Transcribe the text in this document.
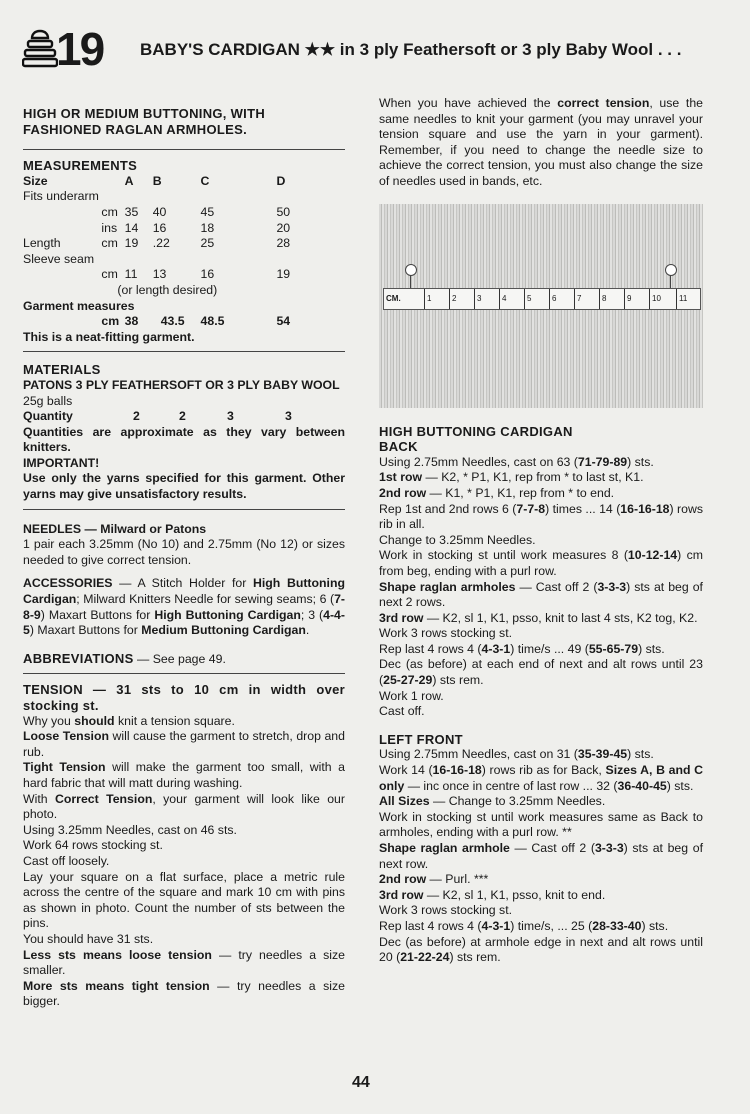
19 BABY'S CARDIGAN ★★ in 3 ply Feathersoft or 3 ply Baby Wool . . .

HIGH OR MEDIUM BUTTONING, WITH FASHIONED RAGLAN ARMHOLES.

MEASUREMENTS

Size		A	B	C	D
Fits underarm					
	cm	35	40	45	50
	ins	14	16	18	20
Length	cm	19	.22	25	28
Sleeve seam					
	cm	11	13	16	19
	(or length desired)				
Garment measures					
	cm	38	43.5	48.5	54

This is a neat-fitting garment.

MATERIALS

PATONS 3 PLY FEATHERSOFT OR 3 PLY BABY WOOL 25g balls

Quantity	2	2	3	3

Quantities are approximate as they vary between knitters.

IMPORTANT!

Use only the yarns specified for this garment. Other yarns may give unsatisfactory results.

NEEDLES — Milward or Patons

1 pair each 3.25mm (No 10) and 2.75mm (No 12) or sizes needed to give correct tension.

ACCESSORIES — A Stitch Holder for High Buttoning Cardigan; Milward Knitters Needle for sewing seams; 6 (7-8-9) Maxart Buttons for High Buttoning Cardigan; 3 (4-4-5) Maxart Buttons for Medium Buttoning Cardigan.

ABBREVIATIONS — See page 49.

TENSION — 31 sts to 10 cm in width over stocking st.

Why you should knit a tension square.

Loose Tension will cause the garment to stretch, drop and rub.

Tight Tension will make the garment too small, with a hard fabric that will matt during washing.

With Correct Tension, your garment will look like our photo.

Using 3.25mm Needles, cast on 46 sts.

Work 64 rows stocking st.

Cast off loosely.

Lay your square on a flat surface, place a metric rule across the centre of the square and mark 10 cm with pins as shown in photo. Count the number of sts between the pins.

You should have 31 sts.

Less sts means loose tension — try needles a size smaller.

More sts means tight tension — try needles a size bigger.

When you have achieved the correct tension, use the same needles to knit your garment (you may unravel your tension square and use the yarn in your garment). Remember, if you need to change the needle size to achieve the correct tension, you must also change the size of needles used in bands, etc.

CM.	1	2	3	4	5	6	7	8	9	10	11

HIGH BUTTONING CARDIGAN

BACK

Using 2.75mm Needles, cast on 63 (71-79-89) sts.

1st row — K2, * P1, K1, rep from * to last st, K1.

2nd row — K1, * P1, K1, rep from * to end.

Rep 1st and 2nd rows 6 (7-7-8) times ... 14 (16-16-18) rows rib in all.

Change to 3.25mm Needles.

Work in stocking st until work measures 8 (10-12-14) cm from beg, ending with a purl row.

Shape raglan armholes — Cast off 2 (3-3-3) sts at beg of next 2 rows.

3rd row — K2, sl 1, K1, psso, knit to last 4 sts, K2 tog, K2.

Work 3 rows stocking st.

Rep last 4 rows 4 (4-3-1) time/s ... 49 (55-65-79) sts.

Dec (as before) at each end of next and alt rows until 23 (25-27-29) sts rem.

Work 1 row.

Cast off.

LEFT FRONT

Using 2.75mm Needles, cast on 31 (35-39-45) sts.

Work 14 (16-16-18) rows rib as for Back, Sizes A, B and C only — inc once in centre of last row ... 32 (36-40-45) sts.

All Sizes — Change to 3.25mm Needles.

Work in stocking st until work measures same as Back to armholes, ending with a purl row. **

Shape raglan armhole — Cast off 2 (3-3-3) sts at beg of next row.

2nd row — Purl. ***

3rd row — K2, sl 1, K1, psso, knit to end.

Work 3 rows stocking st.

Rep last 4 rows 4 (4-3-1) time/s, ... 25 (28-33-40) sts.

Dec (as before) at armhole edge in next and alt rows until 20 (21-22-24) sts rem.

44
